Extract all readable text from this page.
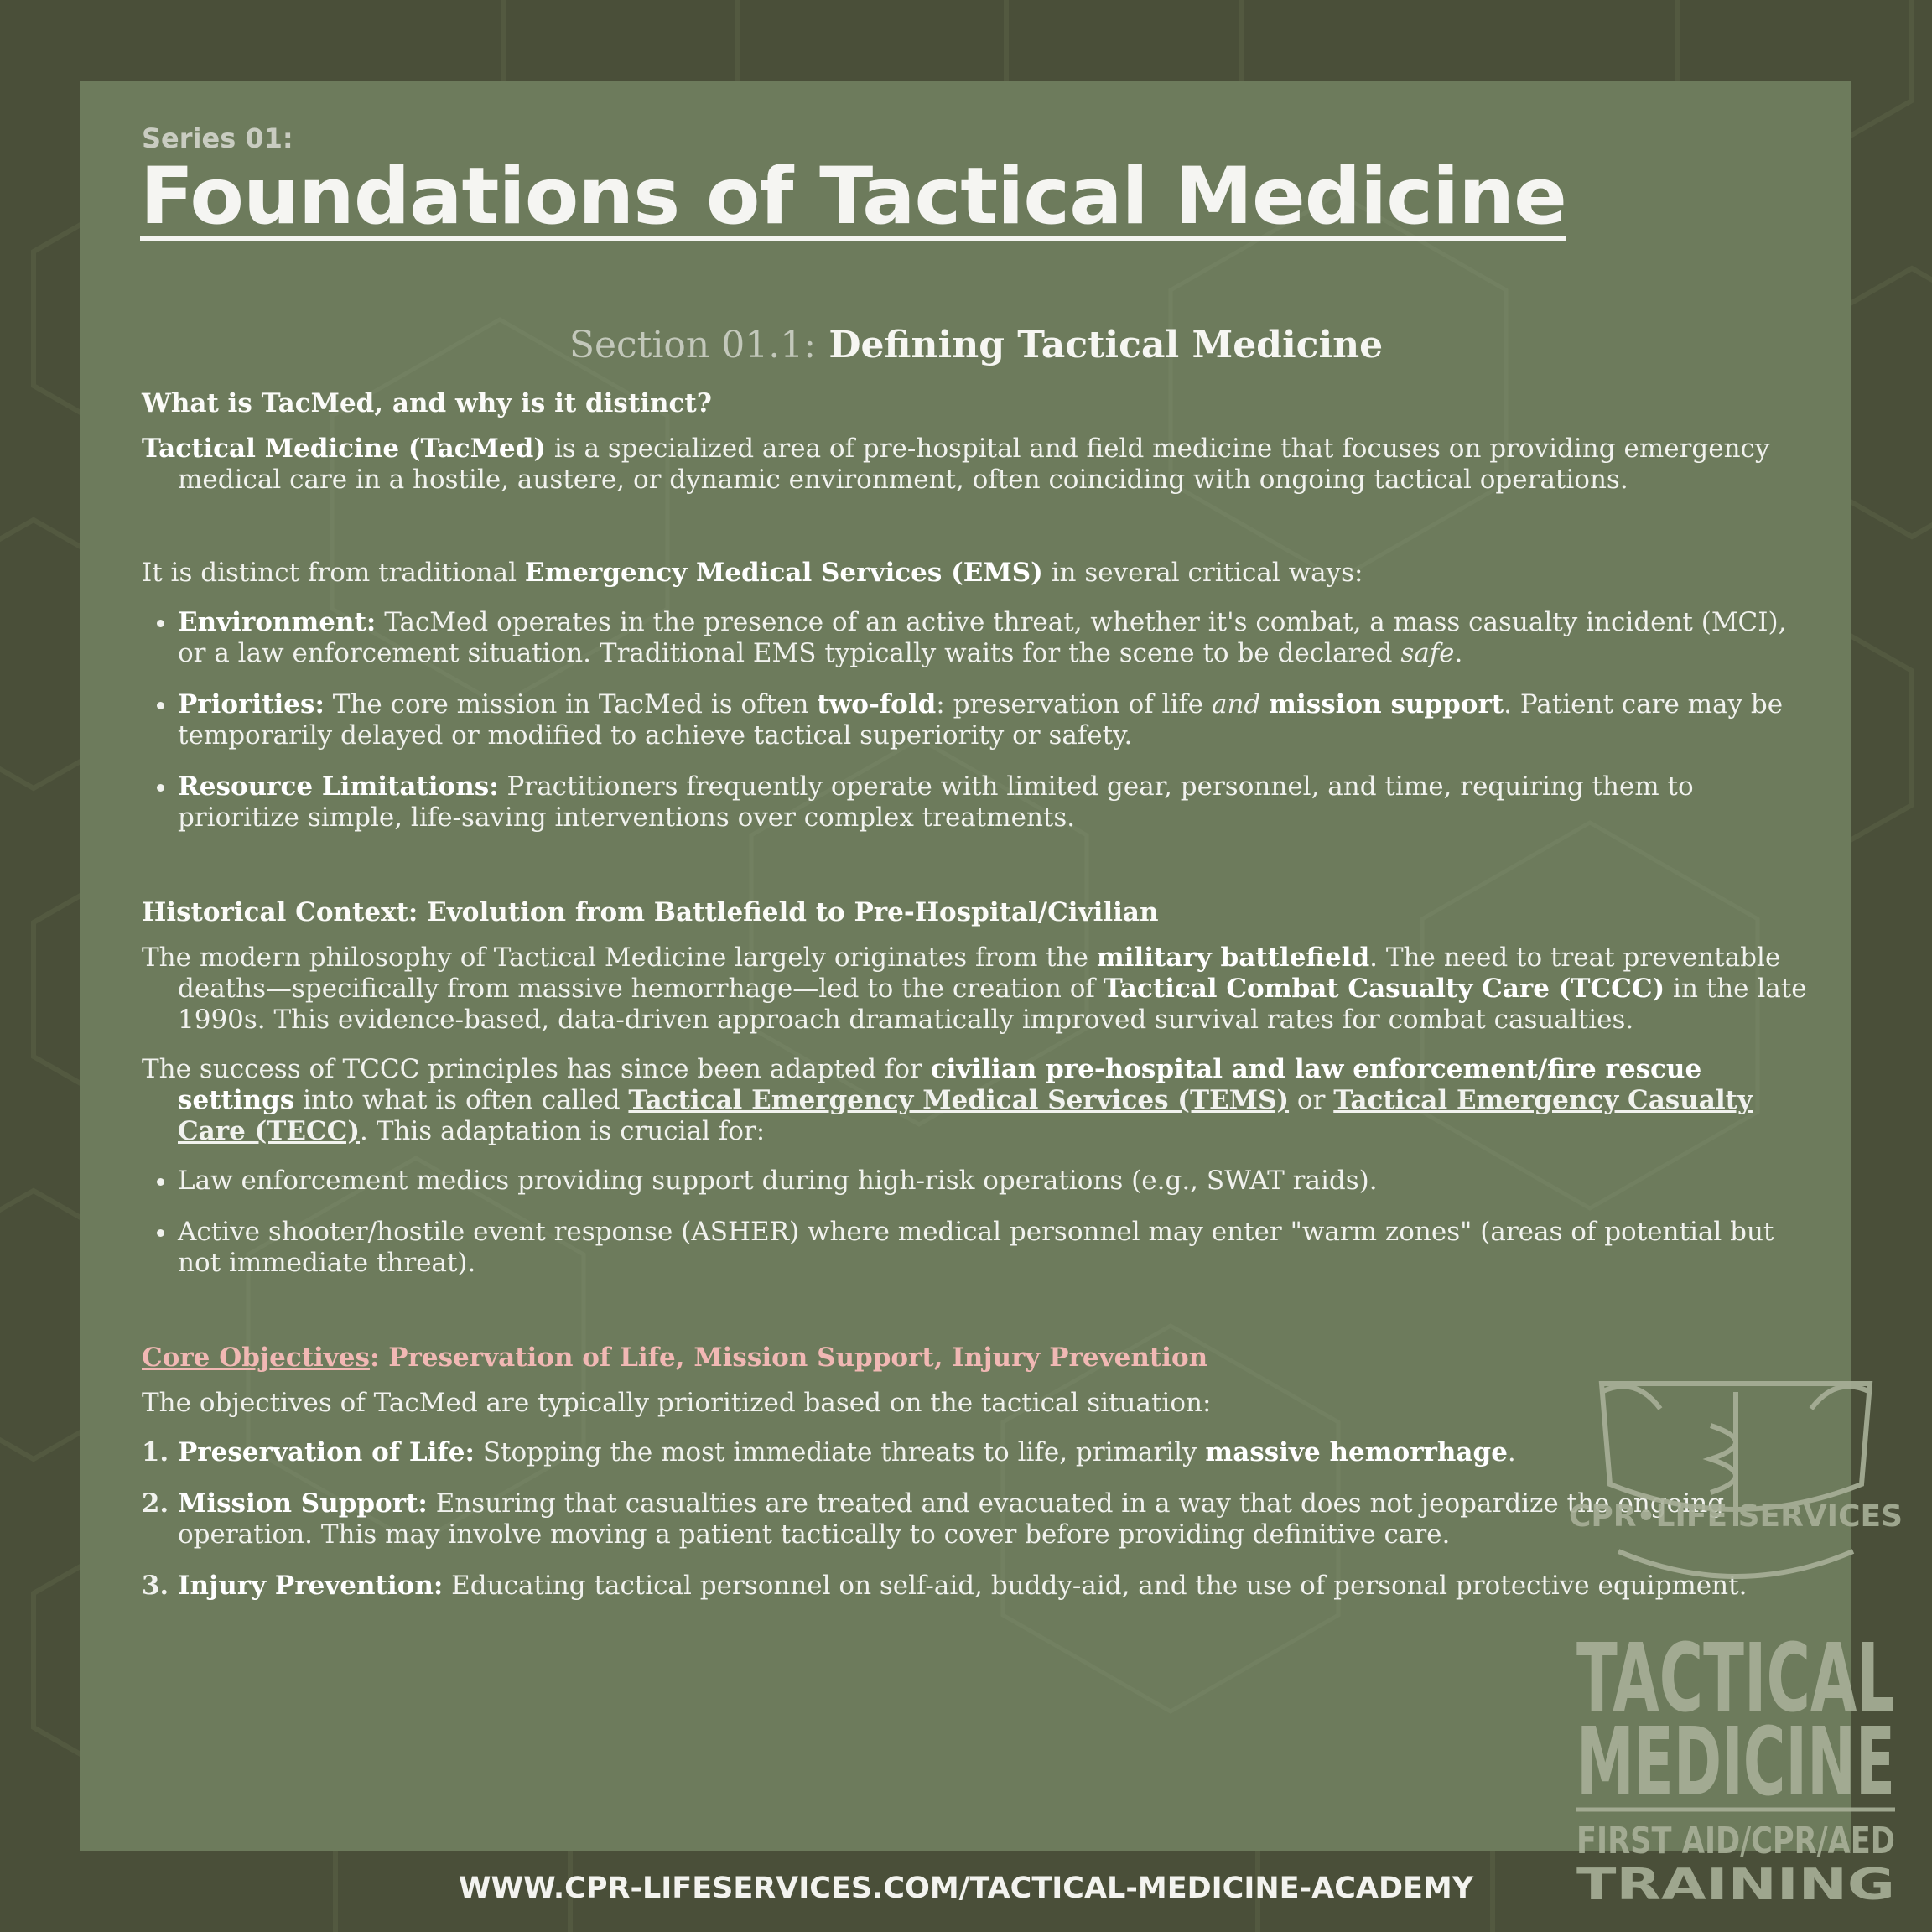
Series 01:
Foundations of Tactical Medicine
Section 01.1: Defining Tactical Medicine
What is TacMed, and why is it distinct?

Tactical Medicine (TacMed) is a specialized area of pre-hospital and field medicine that focuses on providing emergency medical care in a hostile, austere, or dynamic environment, often coinciding with ongoing tactical operations.

It is distinct from traditional Emergency Medical Services (EMS) in several critical ways:

• Environment: TacMed operates in the presence of an active threat, whether it's combat, a mass casualty incident (MCI), or a law enforcement situation. Traditional EMS typically waits for the scene to be declared safe.
• Priorities: The core mission in TacMed is often two-fold: preservation of life and mission support. Patient care may be temporarily delayed or modified to achieve tactical superiority or safety.
• Resource Limitations: Practitioners frequently operate with limited gear, personnel, and time, requiring them to prioritize simple, life-saving interventions over complex treatments.
Historical Context: Evolution from Battlefield to Pre-Hospital/Civilian

The modern philosophy of Tactical Medicine largely originates from the military battlefield. The need to treat preventable deaths—specifically from massive hemorrhage—led to the creation of Tactical Combat Casualty Care (TCCC) in the late 1990s. This evidence-based, data-driven approach dramatically improved survival rates for combat casualties.

The success of TCCC principles has since been adapted for civilian pre-hospital and law enforcement/fire rescue settings into what is often called Tactical Emergency Medical Services (TEMS) or Tactical Emergency Casualty Care (TECC). This adaptation is crucial for:

• Law enforcement medics providing support during high-risk operations (e.g., SWAT raids).
• Active shooter/hostile event response (ASHER) where medical personnel may enter "warm zones" (areas of potential but not immediate threat).
Core Objectives: Preservation of Life, Mission Support, Injury Prevention

The objectives of TacMed are typically prioritized based on the tactical situation:

1. Preservation of Life: Stopping the most immediate threats to life, primarily massive hemorrhage.
2. Mission Support: Ensuring that casualties are treated and evacuated in a way that does not jeopardize the ongoing operation. This may involve moving a patient tactically to cover before providing definitive care.
3. Injury Prevention: Educating tactical personnel on self-aid, buddy-aid, and the use of personal protective equipment.
CPR•LIFE SERVICES
TACTICAL
MEDICINE
FIRST AID/CPR/AED
TRAINING
WWW.CPR-LIFESERVICES.COM/TACTICAL-MEDICINE-ACADEMY
